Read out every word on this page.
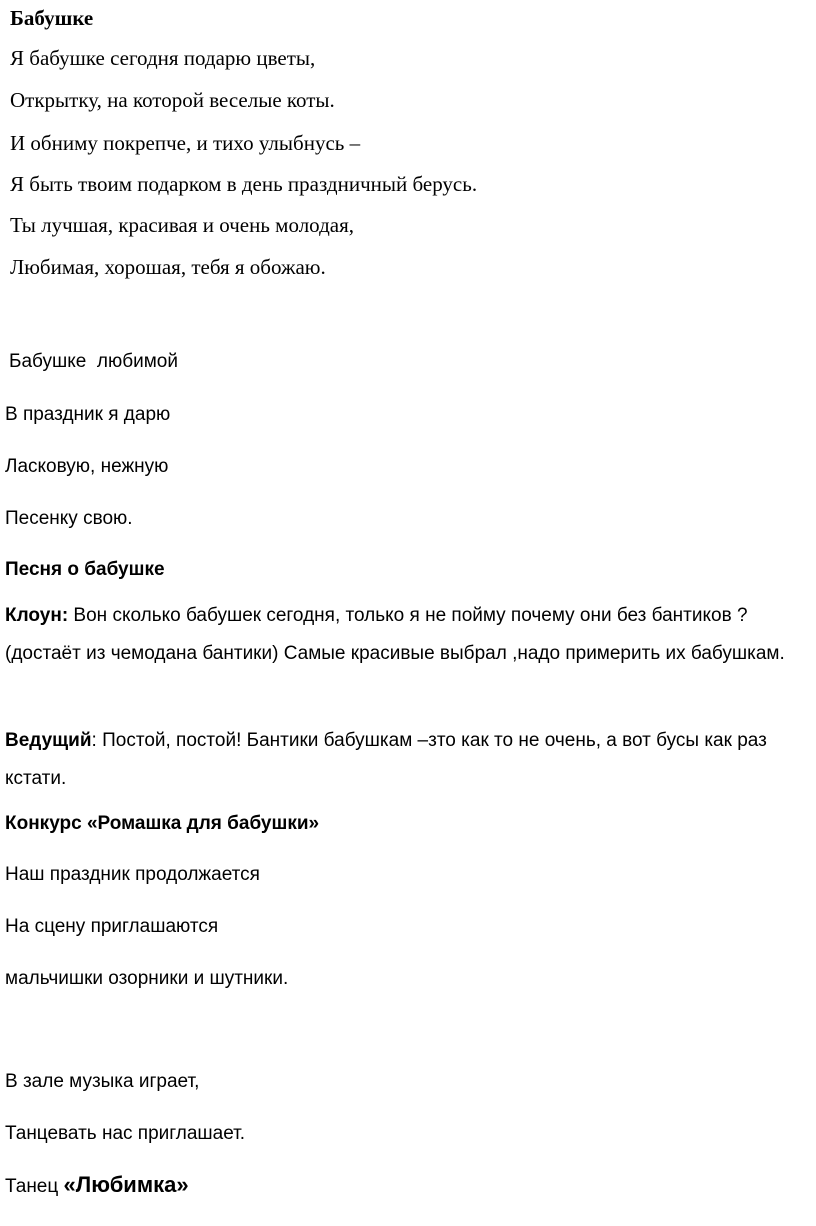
Бабушке
Я бабушке сегодня подарю цветы,
Открытку, на которой веселые коты.
И обниму покрепче, и тихо улыбнусь –
Я быть твоим подарком в день праздничный берусь.
Ты лучшая, красивая и очень молодая,
Любимая, хорошая, тебя я обожаю.
Бабушке  любимой
В праздник я дарю
Ласковую, нежную
Песенку свою.
Песня о бабушке
Клоун: Вон сколько бабушек сегодня, только я не пойму почему они без бантиков ? (достаёт из чемодана бантики) Самые красивые выбрал ,надо примерить их бабушкам.
Ведущий: Постой, постой! Бантики бабушкам –зто как то не очень, а вот бусы как раз кстати.
Конкурс «Ромашка для бабушки»
Наш праздник продолжается
На сцену приглашаются
мальчишки озорники и шутники.
В зале музыка играет,
Танцевать нас приглашает.
Танец «Любимка»
